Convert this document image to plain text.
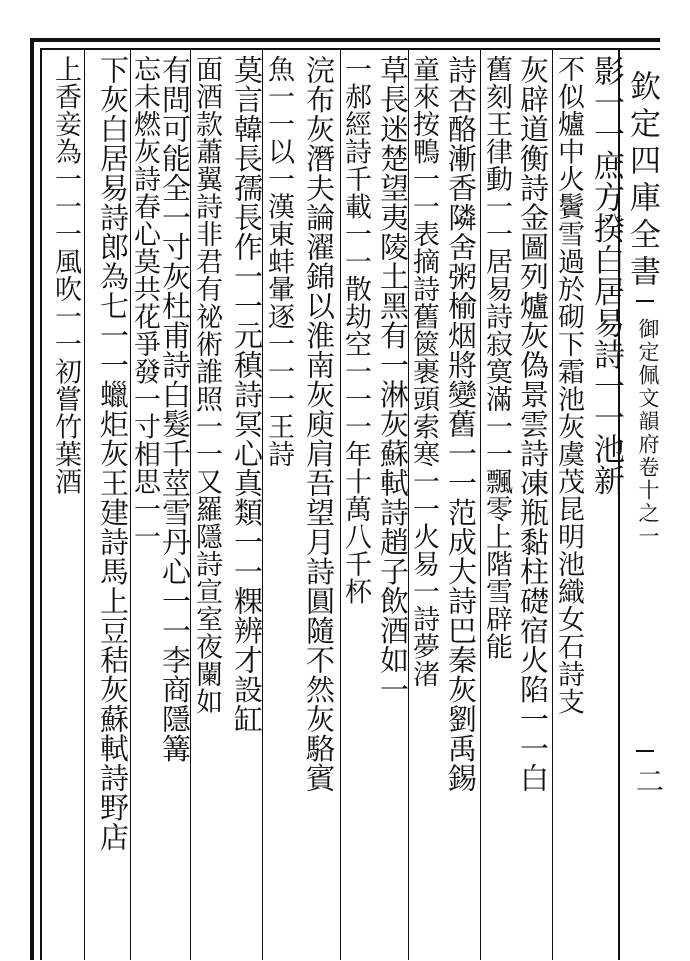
欽定四庫全書
御定佩文韻府卷十之一
二
影一一庶方揆白居易詩一一池新
不似爐中火鬢雪過於砌下霜池灰虞茂昆明池織女石詩支
灰辟道衡詩金圖列爐灰偽景雲詩凍瓶黏柱礎宿火陷一一白
舊刻王律動一一居易詩寂寞滿一一飄零上階雪辟能
詩杏酪漸香隣舍粥榆烟將變舊一一范成大詩巴秦灰劉禹錫
童來按鴨一一表摘詩舊篋裹頭索寒一一火易一詩夢渚
草長迷楚望夷陵土黑有一淋灰蘇軾詩趙子飲酒如一
一郝經詩千載一一散劫空一一一年十萬八千杯
浣布灰潛夫論濯錦以淮南灰庾肩吾望月詩圓隨不然灰駱賓
魚一一以一漢東蚌暈逐一一一王詩
莫言韓長孺長作一一元稹詩冥心真類一一粿辨才設缸
面酒款蕭翼詩非君有祕術誰照一一又羅隱詩宣室夜闌如
有問可能全一寸灰杜甫詩白髮千莖雪丹心一一李商隱篝
忘未燃灰詩春心莫共花爭發一寸相思一一
下灰白居易詩郎為七一一蠟炬灰王建詩馬上豆秸灰蘇軾詩野店
上香妾為一一一風吹一一初嘗竹葉酒
